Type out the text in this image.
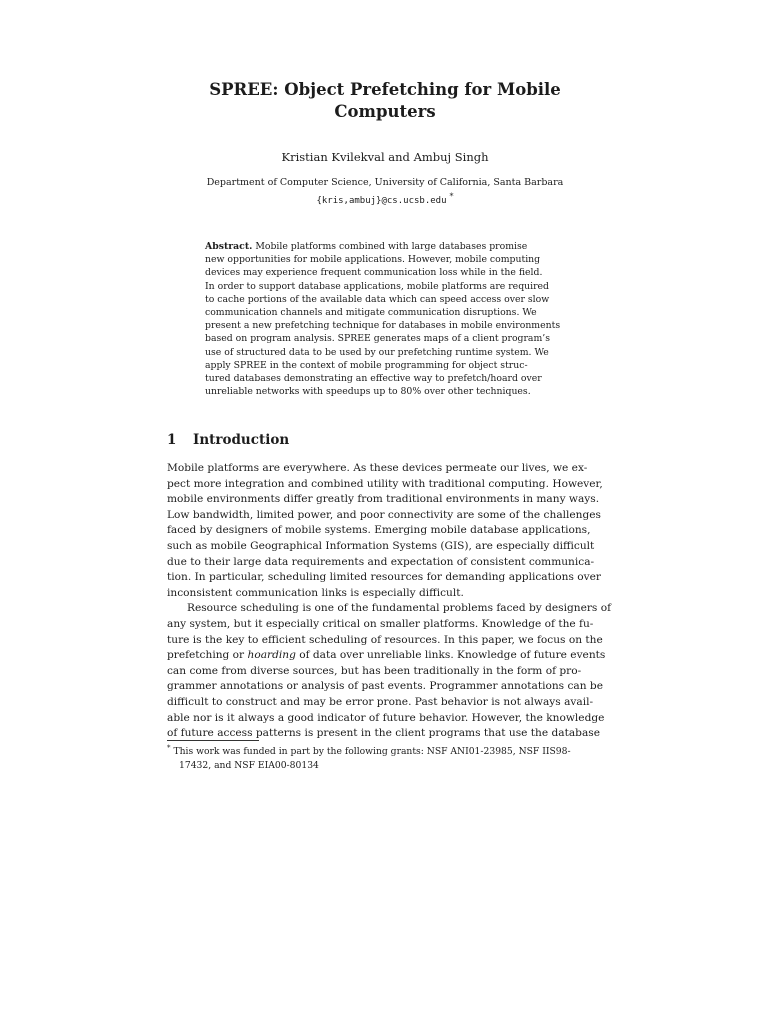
SPREE: Object Prefetching for Mobile
Computers
Kristian Kvilekval and Ambuj Singh
Department of Computer Science, University of California, Santa Barbara
{kris,ambuj}@cs.ucsb.edu *
Abstract. Mobile platforms combined with large databases promise
new opportunities for mobile applications. However, mobile computing
devices may experience frequent communication loss while in the field.
In order to support database applications, mobile platforms are required
to cache portions of the available data which can speed access over slow
communication channels and mitigate communication disruptions. We
present a new prefetching technique for databases in mobile environments
based on program analysis. SPREE generates maps of a client program’s
use of structured data to be used by our prefetching runtime system. We
apply SPREE in the context of mobile programming for object struc-
tured databases demonstrating an effective way to prefetch/hoard over
unreliable networks with speedups up to 80% over other techniques.
1 Introduction
Mobile platforms are everywhere. As these devices permeate our lives, we ex-
pect more integration and combined utility with traditional computing. However,
mobile environments differ greatly from traditional environments in many ways.
Low bandwidth, limited power, and poor connectivity are some of the challenges
faced by designers of mobile systems. Emerging mobile database applications,
such as mobile Geographical Information Systems (GIS), are especially difficult
due to their large data requirements and expectation of consistent communica-
tion. In particular, scheduling limited resources for demanding applications over
inconsistent communication links is especially difficult.
Resource scheduling is one of the fundamental problems faced by designers of
any system, but it especially critical on smaller platforms. Knowledge of the fu-
ture is the key to efficient scheduling of resources. In this paper, we focus on the
prefetching or hoarding of data over unreliable links. Knowledge of future events
can come from diverse sources, but has been traditionally in the form of pro-
grammer annotations or analysis of past events. Programmer annotations can be
difficult to construct and may be error prone. Past behavior is not always avail-
able nor is it always a good indicator of future behavior. However, the knowledge
of future access patterns is present in the client programs that use the database
* This work was funded in part by the following grants: NSF ANI01-23985, NSF IIS98-
17432, and NSF EIA00-80134
